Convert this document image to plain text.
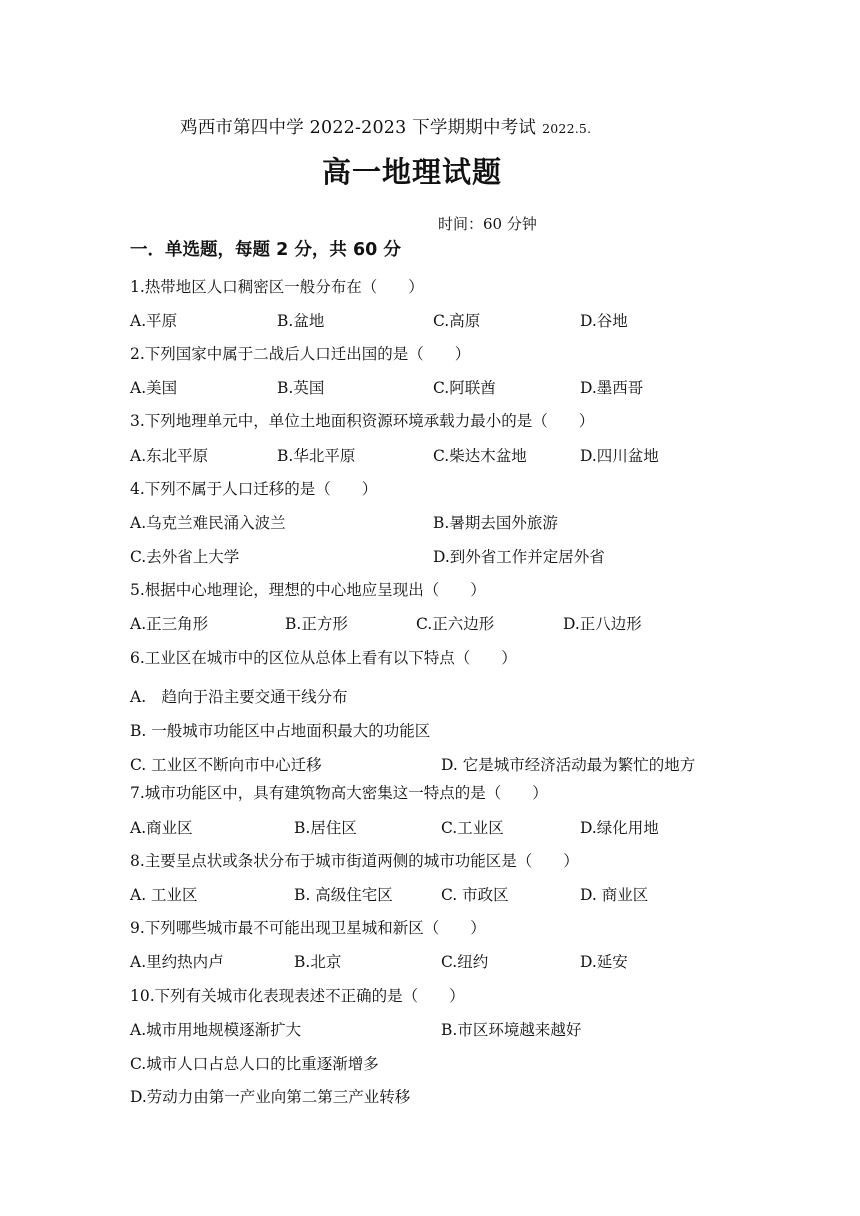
鸡西市第四中学 2022-2023 下学期期中考试 2022.5.
高一地理试题
时间：60 分钟
一．单选题，每题 2 分，共 60 分
1.热带地区人口稠密区一般分布在（　　）
A.平原	B.盆地	C.高原	D.谷地
2.下列国家中属于二战后人口迁出国的是（　　）
A.美国	B.英国	C.阿联酋	D.墨西哥
3.下列地理单元中，单位土地面积资源环境承载力最小的是（　　）
A.东北平原	B.华北平原	C.柴达木盆地	D.四川盆地
4.下列不属于人口迁移的是（　　）
A.乌克兰难民涌入波兰	B.暑期去国外旅游
C.去外省上大学	D.到外省工作并定居外省
5.根据中心地理论，理想的中心地应呈现出（　　）
A.正三角形	B.正方形	C.正六边形	D.正八边形
6.工业区在城市中的区位从总体上看有以下特点（　　）
A.　趋向于沿主要交通干线分布
B. 一般城市功能区中占地面积最大的功能区
C. 工业区不断向市中心迁移	D. 它是城市经济活动最为繁忙的地方
7.城市功能区中，具有建筑物高大密集这一特点的是（　　）
A.商业区	B.居住区	C.工业区	D.绿化用地
8.主要呈点状或条状分布于城市街道两侧的城市功能区是（　　）
A. 工业区	B. 高级住宅区	C. 市政区	D. 商业区
9.下列哪些城市最不可能出现卫星城和新区（　　）
A.里约热内卢	B.北京	C.纽约	D.延安
10.下列有关城市化表现表述不正确的是（　　）
A.城市用地规模逐渐扩大	B.市区环境越来越好
C.城市人口占总人口的比重逐渐增多
D.劳动力由第一产业向第二第三产业转移
